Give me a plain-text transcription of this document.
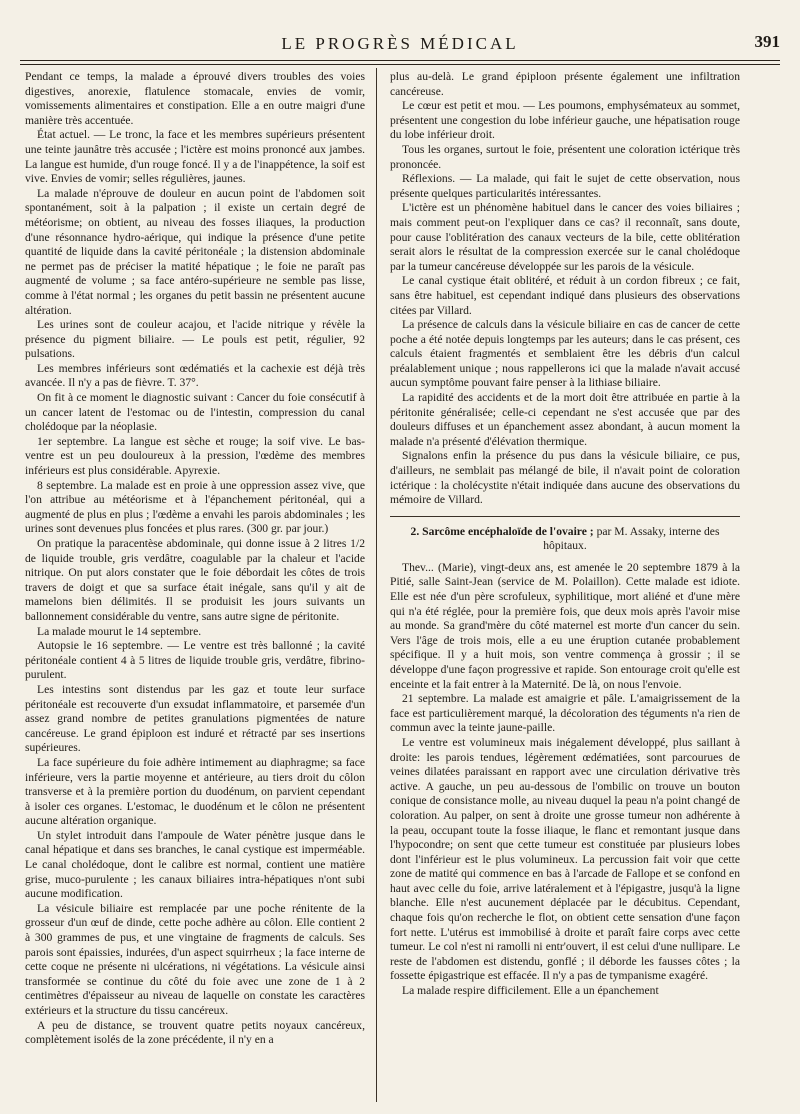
LE PROGRÈS MÉDICAL	391

Pendant ce temps, la malade a éprouvé divers troubles des voies digestives, anorexie, flatulence stomacale, envies de vomir, vomissements alimentaires et constipation. Elle a en outre maigri d'une manière très accentuée.

État actuel. — Le tronc, la face et les membres supérieurs présentent une teinte jaunâtre très accusée ; l'ictère est moins prononcé aux jambes. La langue est humide, d'un rouge foncé. Il y a de l'inappétence, la soif est vive. Envies de vomir; selles régulières, jaunes.

La malade n'éprouve de douleur en aucun point de l'abdomen soit spontanément, soit à la palpation ; il existe un certain degré de météorisme; on obtient, au niveau des fosses iliaques, la production d'une résonnance hydro-aérique, qui indique la présence d'une petite quantité de liquide dans la cavité péritonéale ; la distension abdominale ne permet pas de préciser la matité hépatique ; le foie ne paraît pas augmenté de volume ; sa face antéro-supérieure ne semble pas lisse, comme à l'état normal ; les organes du petit bassin ne présentent aucune altération.

Les urines sont de couleur acajou, et l'acide nitrique y révèle la présence du pigment biliaire. — Le pouls est petit, régulier, 92 pulsations.

Les membres inférieurs sont œdématiés et la cachexie est déjà très avancée. Il n'y a pas de fièvre. T. 37°.

On fit à ce moment le diagnostic suivant : Cancer du foie consécutif à un cancer latent de l'estomac ou de l'intestin, compression du canal cholédoque par la néoplasie.

1er septembre. La langue est sèche et rouge; la soif vive. Le bas-ventre est un peu douloureux à la pression, l'œdème des membres inférieurs est plus considérable. Apyrexie.

8 septembre. La malade est en proie à une oppression assez vive, que l'on attribue au météorisme et à l'épanchement péritonéal, qui a augmenté de plus en plus ; l'œdème a envahi les parois abdominales ; les urines sont devenues plus foncées et plus rares. (300 gr. par jour.)

On pratique la paracentèse abdominale, qui donne issue à 2 litres 1/2 de liquide trouble, gris verdâtre, coagulable par la chaleur et l'acide nitrique. On put alors constater que le foie débordait les côtes de trois travers de doigt et que sa surface était inégale, sans qu'il y ait de mamelons bien délimités. Il se produisit les jours suivants un ballonnement considérable du ventre, sans autre signe de péritonite.

La malade mourut le 14 septembre.

Autopsie le 16 septembre. — Le ventre est très ballonné ; la cavité péritonéale contient 4 à 5 litres de liquide trouble gris, verdâtre, fibrino-purulent.

Les intestins sont distendus par les gaz et toute leur surface péritonéale est recouverte d'un exsudat inflammatoire, et parsemée d'un assez grand nombre de petites granulations pigmentées de nature cancéreuse. Le grand épiploon est induré et rétracté par ses insertions supérieures.

La face supérieure du foie adhère intimement au diaphragme; sa face inférieure, vers la partie moyenne et antérieure, au tiers droit du côlon transverse et à la première portion du duodénum, on parvient cependant à isoler ces organes. L'estomac, le duodénum et le côlon ne présentent aucune altération organique.

Un stylet introduit dans l'ampoule de Water pénètre jusque dans le canal hépatique et dans ses branches, le canal cystique est imperméable. Le canal cholédoque, dont le calibre est normal, contient une matière grise, muco-purulente ; les canaux biliaires intra-hépatiques n'ont subi aucune modification.

La vésicule biliaire est remplacée par une poche rénitente de la grosseur d'un œuf de dinde, cette poche adhère au côlon. Elle contient 2 à 300 grammes de pus, et une vingtaine de fragments de calculs. Ses parois sont épaissies, indurées, d'un aspect squirrheux ; la face interne de cette coque ne présente ni ulcérations, ni végétations. La vésicule ainsi transformée se continue du côté du foie avec une zone de 1 à 2 centimètres d'épaisseur au niveau de laquelle on constate les caractères extérieurs et la structure du tissu cancéreux.

A peu de distance, se trouvent quatre petits noyaux cancéreux, complètement isolés de la zone précédente, il n'y en a

plus au-delà. Le grand épiploon présente également une infiltration cancéreuse.

Le cœur est petit et mou. — Les poumons, emphysémateux au sommet, présentent une congestion du lobe inférieur gauche, une hépatisation rouge du lobe inférieur droit.

Tous les organes, surtout le foie, présentent une coloration ictérique très prononcée.

Réflexions. — La malade, qui fait le sujet de cette observation, nous présente quelques particularités intéressantes.

L'ictère est un phénomène habituel dans le cancer des voies biliaires ; mais comment peut-on l'expliquer dans ce cas? il reconnaît, sans doute, pour cause l'oblitération des canaux vecteurs de la bile, cette oblitération serait alors le résultat de la compression exercée sur le canal cholédoque par la tumeur cancéreuse développée sur les parois de la vésicule.

Le canal cystique était oblitéré, et réduit à un cordon fibreux ; ce fait, sans être habituel, est cependant indiqué dans plusieurs des observations citées par Villard.

La présence de calculs dans la vésicule biliaire en cas de cancer de cette poche a été notée depuis longtemps par les auteurs; dans le cas présent, ces calculs étaient fragmentés et semblaient être les débris d'un calcul préalablement unique ; nous rappellerons ici que la malade n'avait accusé aucun symptôme pouvant faire penser à la lithiase biliaire.

La rapidité des accidents et de la mort doit être attribuée en partie à la péritonite généralisée; celle-ci cependant ne s'est accusée que par des douleurs diffuses et un épanchement assez abondant, à aucun moment la malade n'a présenté d'élévation thermique.

Signalons enfin la présence du pus dans la vésicule biliaire, ce pus, d'ailleurs, ne semblait pas mélangé de bile, il n'avait point de coloration ictérique : la cholécystite n'était indiquée dans aucune des observations du mémoire de Villard.

2. Sarcôme encéphaloïde de l'ovaire ; par M. Assaky, interne des hôpitaux.

Thev... (Marie), vingt-deux ans, est amenée le 20 septembre 1879 à la Pitié, salle Saint-Jean (service de M. Polaillon). Cette malade est idiote. Elle est née d'un père scrofuleux, syphilitique, mort aliéné et d'une mère qui n'a été réglée, pour la première fois, que deux mois après l'avoir mise au monde. Sa grand'mère du côté maternel est morte d'un cancer du sein. Vers l'âge de trois mois, elle a eu une éruption cutanée probablement spécifique. Il y a huit mois, son ventre commença à grossir ; il se développe d'une façon progressive et rapide. Son entourage croit qu'elle est enceinte et la fait entrer à la Maternité. De là, on nous l'envoie.

21 septembre. La malade est amaigrie et pâle. L'amaigrissement de la face est particulièrement marqué, la décoloration des téguments n'a rien de commun avec la teinte jaune-paille.

Le ventre est volumineux mais inégalement développé, plus saillant à droite: les parois tendues, légèrement œdématiées, sont parcourues de veines dilatées paraissant en rapport avec une circulation dérivative très active. A gauche, un peu au-dessous de l'ombilic on trouve un bouton conique de consistance molle, au niveau duquel la peau n'a point changé de coloration. Au palper, on sent à droite une grosse tumeur non adhérente à la peau, occupant toute la fosse iliaque, le flanc et remontant jusque dans l'hypocondre; on sent que cette tumeur est constituée par plusieurs lobes dont l'inférieur est le plus volumineux. La percussion fait voir que cette zone de matité qui commence en bas à l'arcade de Fallope et se confond en haut avec celle du foie, arrive latéralement et à l'épigastre, jusqu'à la ligne blanche. Elle n'est aucunement déplacée par le décubitus. Cependant, chaque fois qu'on recherche le flot, on obtient cette sensation d'une façon fort nette. L'utérus est immobilisé à droite et paraît faire corps avec cette tumeur. Le col n'est ni ramolli ni entr'ouvert, il est celui d'une nullipare. Le reste de l'abdomen est distendu, gonflé ; il déborde les fausses côtes ; la fossette épigastrique est effacée. Il n'y a pas de tympanisme exagéré.

La malade respire difficilement. Elle a un épanchement
